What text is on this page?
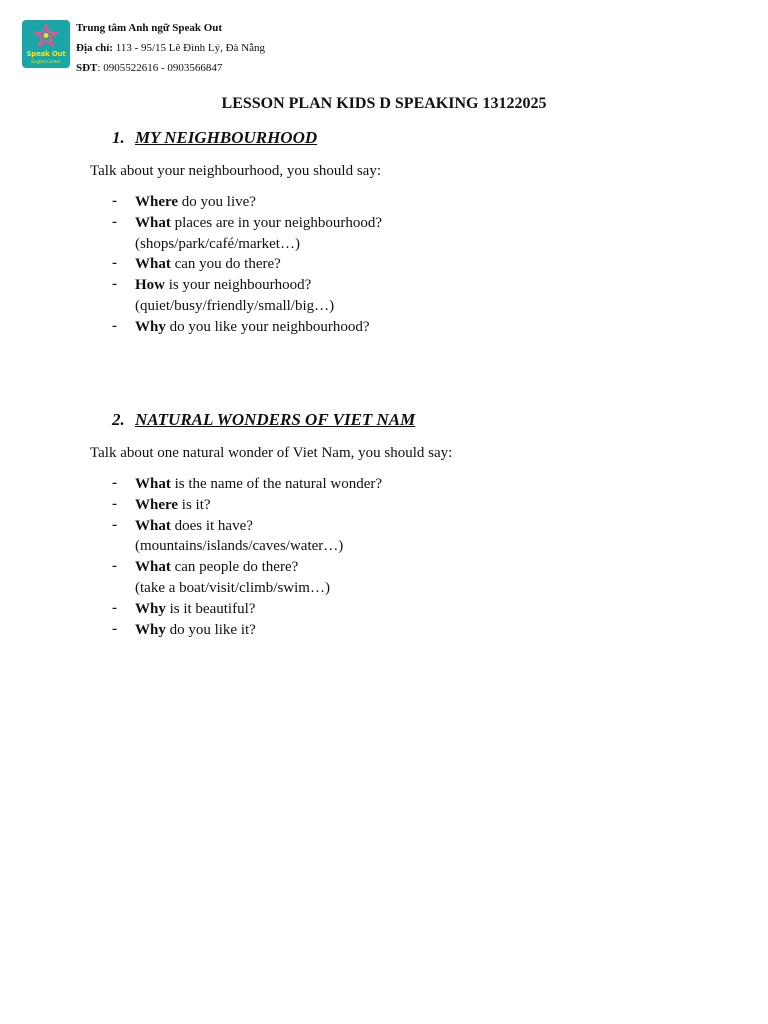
Speak Out
English Center
Trung tâm Anh ngữ Speak Out
Địa chỉ: 113 - 95/15 Lê Đình Lý, Đà Nẵng
SĐT: 0905522616 - 0903566847
LESSON PLAN KIDS D SPEAKING 13122025
1. MY NEIGHBOURHOOD
Talk about your neighbourhood, you should say:
- Where do you live?
- What places are in your neighbourhood?
(shops/park/café/market…)
- What can you do there?
- How is your neighbourhood?
(quiet/busy/friendly/small/big…)
- Why do you like your neighbourhood?
2. NATURAL WONDERS OF VIET NAM
Talk about one natural wonder of Viet Nam, you should say:
- What is the name of the natural wonder?
- Where is it?
- What does it have?
(mountains/islands/caves/water…)
- What can people do there?
(take a boat/visit/climb/swim…)
- Why is it beautiful?
- Why do you like it?
